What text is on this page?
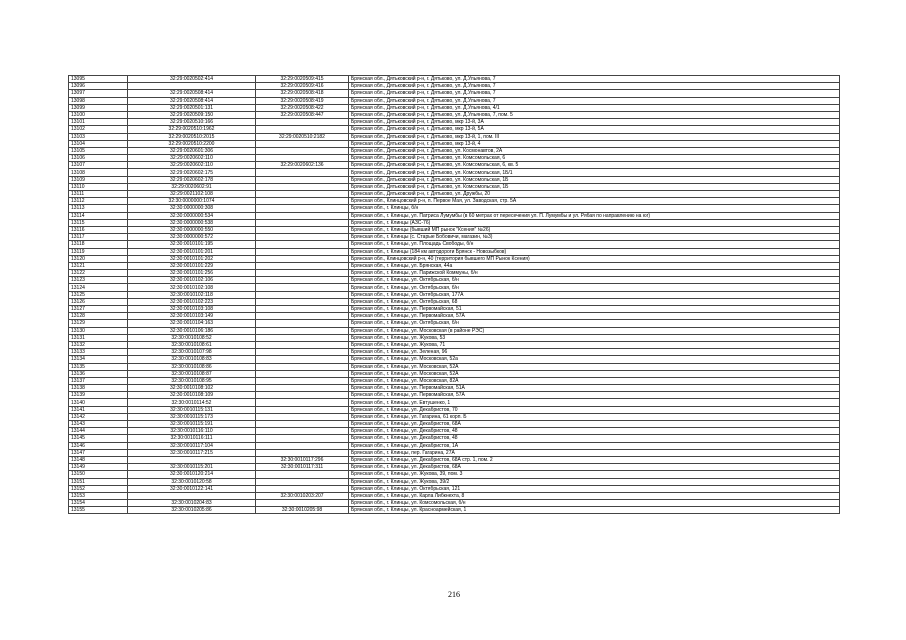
13095	32:29:0020502:414	32:29:0020509:415	Брянская обл., Дятьковский р-н, г. Дятьково, ул. Д.Ульянова, 7
13096		32:29:0020509:416	Брянская обл., Дятьковский р-н, г. Дятьково, ул. Д.Ульянова, 7
13097	32:29:0020508:414	32:29:0020508:418	Брянская обл., Дятьковский р-н, г. Дятьково, ул. Д.Ульянова, 7
13098	32:29:0020508:414	32:29:0020508:419	Брянская обл., Дятьковский р-н, г. Дятьково, ул. Д.Ульянова, 7
13099	32:29:0020501:131	32:29:0020508:422	Брянская обл., Дятьковский р-н, г. Дятьково, ул. Д.Ульянова, 4/1
13100	32:29:0020509:150	32:29:0020508:447	Брянская обл., Дятьковский р-н, г. Дятьково, ул. Д.Ульянова, 7, пом. 5
13101	32:29:0020510:166		Брянская обл., Дятьковский р-н, г. Дятьково, мкр 13-й, 3А
13102	32:29:0020510:1962		Брянская обл., Дятьковский р-н, г. Дятьково, мкр 13-й, 5А
13103	32:29:0020510:2015	32:29:0020510:2182	Брянская обл., Дятьковский р-н, г. Дятьково, мкр 13-й, 1, пом. III
13104	32:29:0020510:2200		Брянская обл., Дятьковский р-н, г. Дятьково, мкр 13-й, 4
13105	32:29:0020601:306		Брянская обл., Дятьковский р-н, г. Дятьково, ул. Космонавтов, 2А
13106	32:29:0020602:110		Брянская обл., Дятьковский р-н, г. Дятьково, ул. Комсомольская, 6
13107	32:29:0020602:110	32:29:0020602:136	Брянская обл., Дятьковский р-н, г. Дятьково, ул. Комсомольская, 6, кв. 5
13108	32:29:0020602:175		Брянская обл., Дятьковский р-н, г. Дятьково, ул. Комсомольская, 1Б/1
13109	32:29:0020602:178		Брянская обл., Дятьковский р-н, г. Дятьково, ул. Комсомольская, 1Б
13110	32:29:0020602:91		Брянская обл., Дятьковский р-н, г. Дятьково, ул. Комсомольская, 1Б
13111	32:29:0021102:108		Брянская обл., Дятьковский р-н, г. Дятьково, ул. Дружбы, 20
13112	32:30:0000000:1074		Брянская обл., Клинцовский р-н, п. Первое Мая, ул. Заводская, стр. 5А
13113	32:30:0000000:308		Брянская обл., г. Клинцы, б/н
13114	32:30:0000000:534		Брянская обл., г. Клинцы, ул. Патриса Лумумбы (в 60 метрах от пересечения ул. П. Лумумбы и ул. Рябая по направлению на юг)
13115	32:30:0000000:538		Брянская обл., г. Клинцы (АЗС-76)
13116	32:30:0000000:550		Брянская обл., г. Клинцы (бывший МП рынок "Ксения" №26)
13117	32:30:0000000:572		Брянская обл., г. Клинцы (с. Старые Бобовичи, магазин, №3)
13118	32:30:0010101:195		Брянская обл., г. Клинцы, ул. Площадь Свободы, б/н
13119	32:30:0010101:201		Брянская обл., г. Клинцы (184 км автодороги Брянск - Новозыбков)
13120	32:30:0010101:202		Брянская обл., Клинцовский р-н, 40 (территория бывшего МП Рынок Ксения)
13121	32:30:0010101:229		Брянская обл., г. Клинцы, ул. Брянская, 44а
13122	32:30:0010101:256		Брянская обл., г. Клинцы, ул. Парижской Коммуны, б/н
13123	32:30:0010102:106		Брянская обл., г. Клинцы, ул. Октябрьская, б/н
13124	32:30:0010102:108		Брянская обл., г. Клинцы, ул. Октябрьская, б/н
13125	32:30:0010102:118		Брянская обл., г. Клинцы, ул. Октябрьская, 177А
13126	32:30:0010102:223		Брянская обл., г. Клинцы, ул. Октябрьская, 68
13127	32:30:0010103:108		Брянская обл., г. Клинцы, ул. Первомайская, 51
13128	32:30:0010103:149		Брянская обл., г. Клинцы, ул. Первомайская, 57А
13129	32:30:0010104:163		Брянская обл., г. Клинцы, ул. Октябрьская, б/н
13130	32:30:0010106:186		Брянская обл., г. Клинцы, ул. Московская (в районе РЭС)
13131	32:30:0010108:52		Брянская обл., г. Клинцы, ул. Жукова, 53
13132	32:30:0010108:61		Брянская обл., г. Клинцы, ул. Жукова, 71
13133	32:30:0010107:98		Брянская обл., г. Клинцы, ул. Зеленая, 96
13134	32:30:0010108:83		Брянская обл., г. Клинцы, ул. Московская, 52а
13135	32:30:0010108:86		Брянская обл., г. Клинцы, ул. Московская, 52А
13136	32:30:0010108:87		Брянская обл., г. Клинцы, ул. Московская, 52А
13137	32:30:0010108:95		Брянская обл., г. Клинцы, ул. Московская, 82А
13138	32:30:0010108:102		Брянская обл., г. Клинцы, ул. Первомайская, 51А
13139	32:30:0010108:109		Брянская обл., г. Клинцы, ул. Первомайская, 57А
13140	32:30:0010114:52		Брянская обл., г. Клинцы, ул. Евтушенко, 1
13141	32:30:0010115:131		Брянская обл., г. Клинцы, ул. Декабристов, 70
13142	32:30:0010115:173		Брянская обл., г. Клинцы, ул. Гагарина, 61 корп. Б
13143	32:30:0010115:191		Брянская обл., г. Клинцы, ул. Декабристов, 68А
13144	32:30:0010116:110		Брянская обл., г. Клинцы, ул. Декабристов, 48
13145	32:30:0010116:111		Брянская обл., г. Клинцы, ул. Декабристов, 48
13146	32:30:0010117:104		Брянская обл., г. Клинцы, ул. Декабристов, 1А
13147	32:30:0010117:215		Брянская обл., г. Клинцы, пер. Гагарина, 27А
13148		32:30:0010117:296	Брянская обл., г. Клинцы, ул. Декабристов, 68А стр. 1, пом. 2
13149	32:30:0010115:201	32:30:0010117:311	Брянская обл., г. Клинцы, ул. Декабристов, 68А
13150	32:30:0010120:214		Брянская обл., г. Клинцы, ул. Жукова, 39, пом. 3
13151	32:30:0010120:58		Брянская обл., г. Клинцы, ул. Жукова, 39/2
13152	32:30:0010122:141		Брянская обл., г. Клинцы, ул. Октябрьская, 121
13153		32:30:0010203:207	Брянская обл., г. Клинцы, ул. Карла Либкнехта, 8
13154	32:30:0010204:83		Брянская обл., г. Клинцы, ул. Комсомольская, б/н
13155	32:30:0010205:86	32:30:0010205:98	Брянская обл., г. Клинцы, ул. Красноармейская, 1
216
